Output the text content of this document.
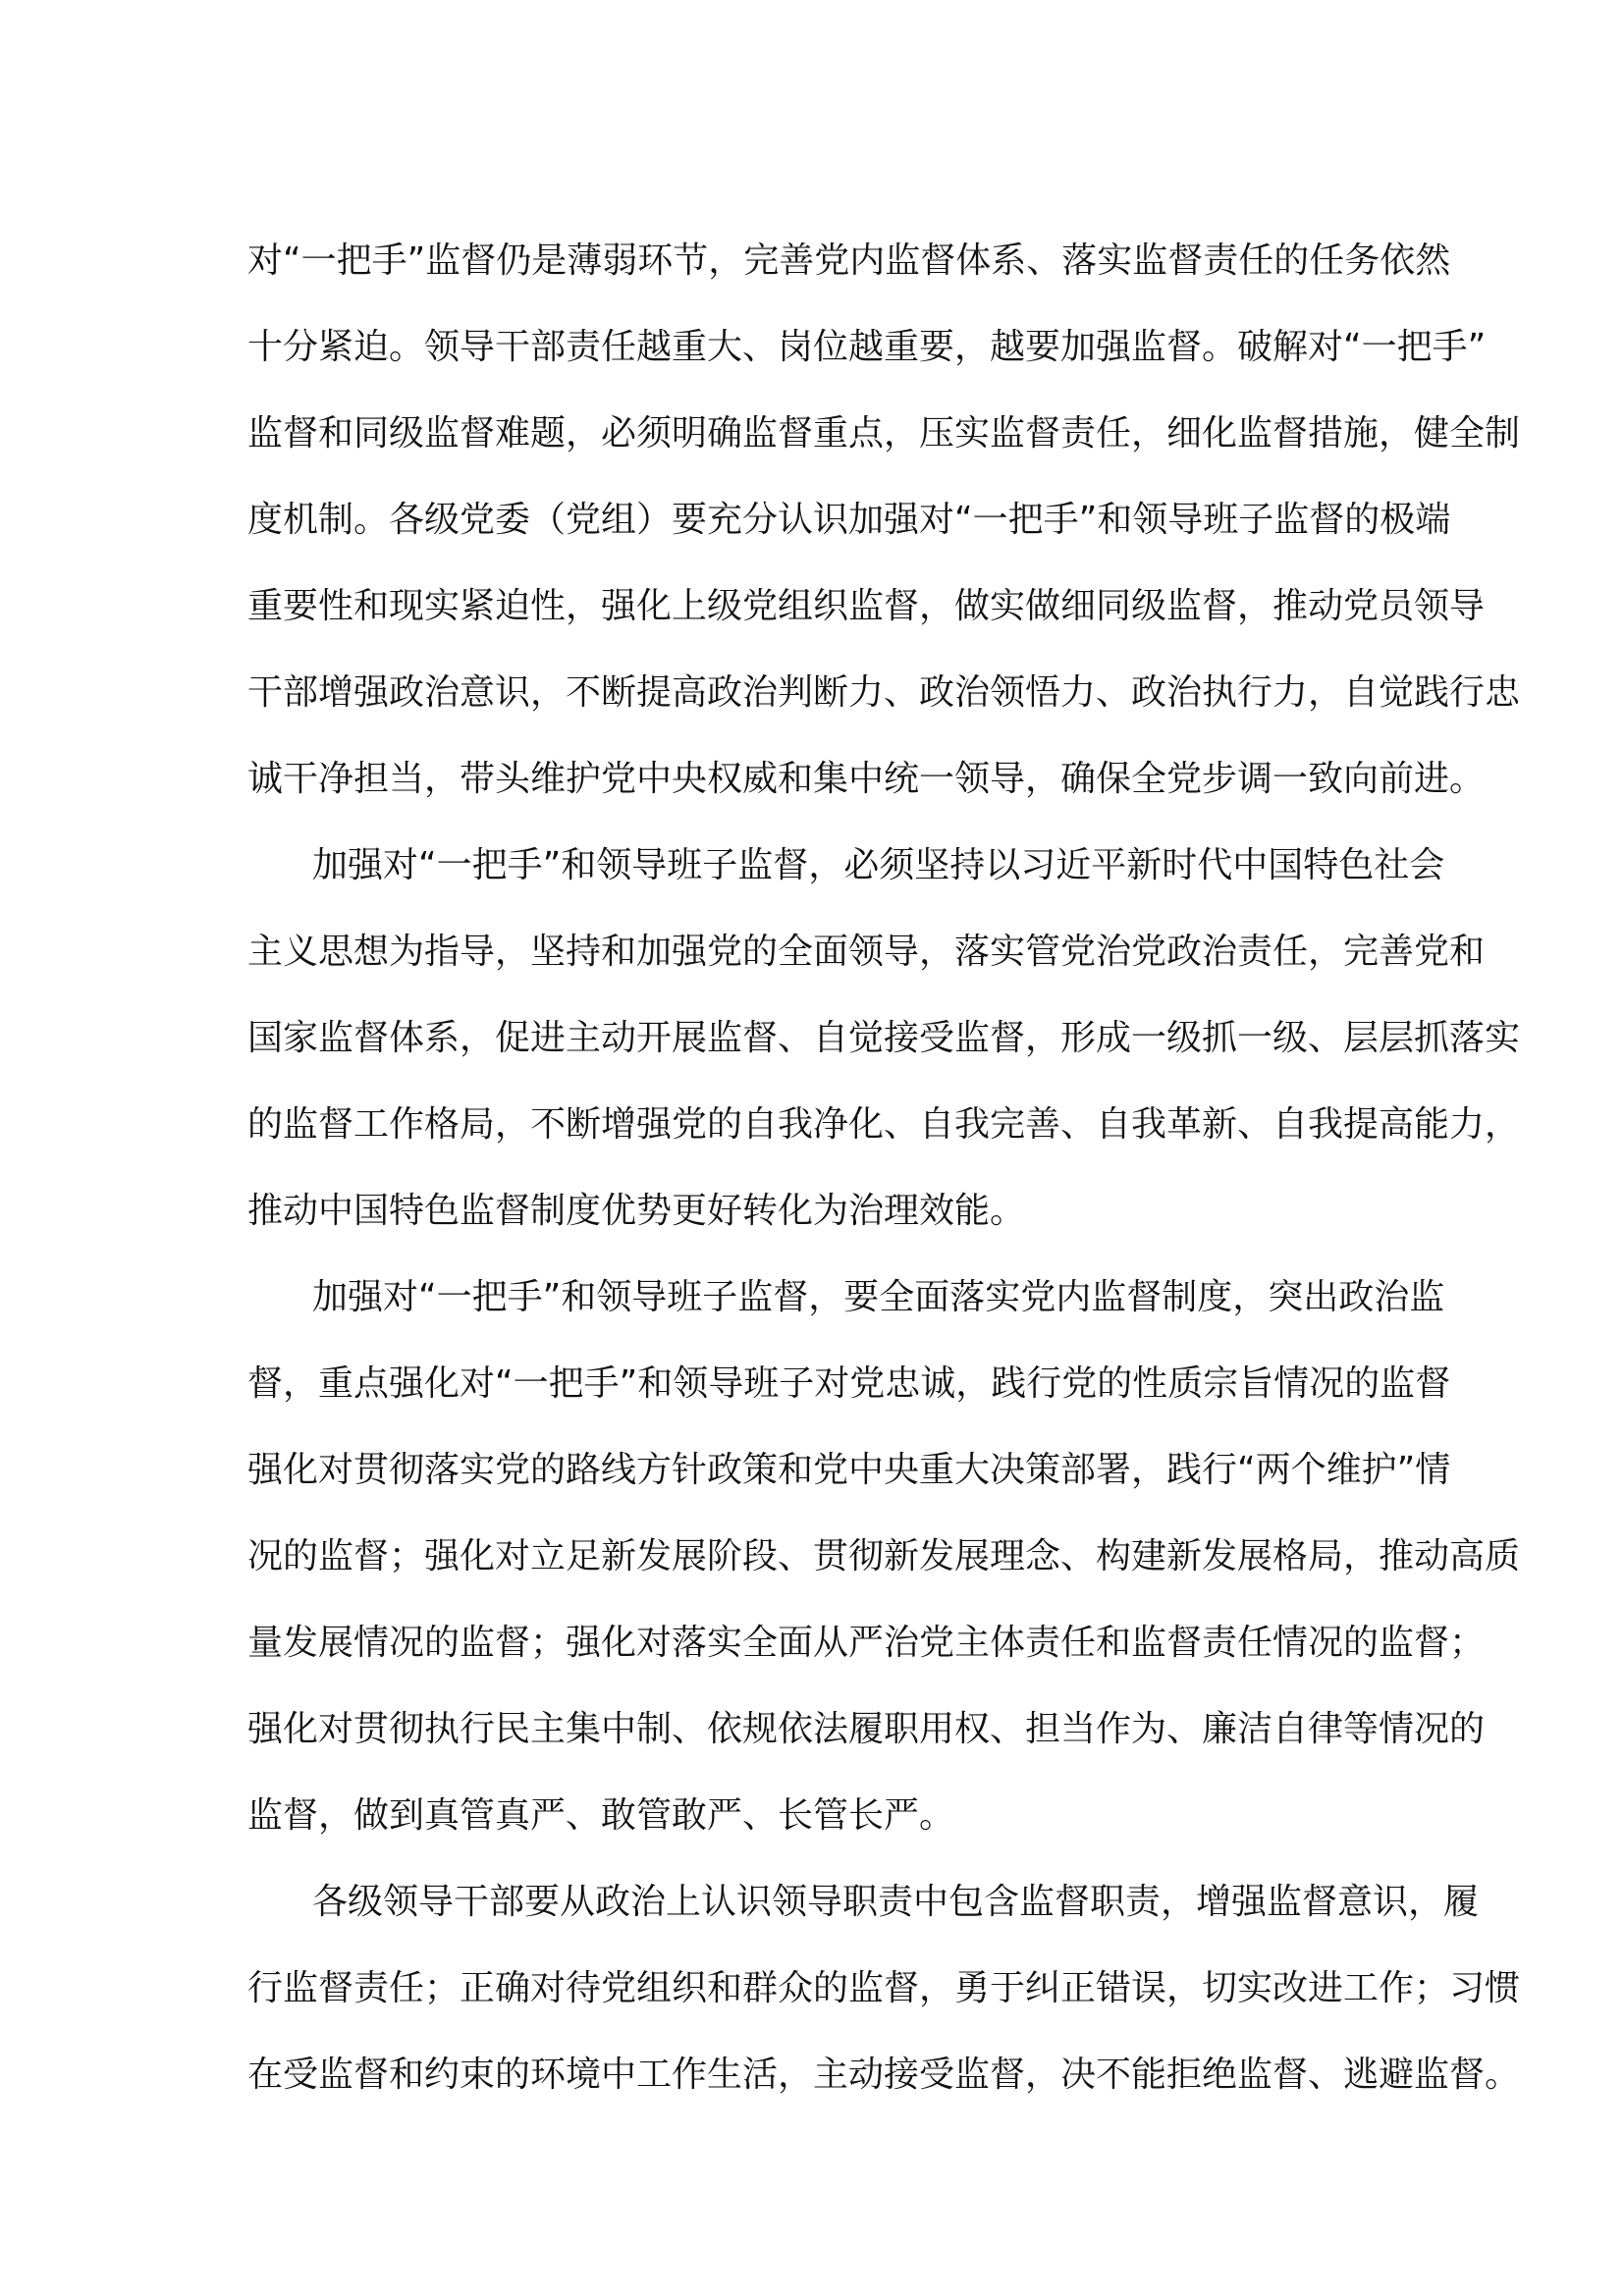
对“一把手”监督仍是薄弱环节，完善党内监督体系、落实监督责任的任务依然
十分紧迫。领导干部责任越重大、岗位越重要，越要加强监督。破解对“一把手”
监督和同级监督难题，必须明确监督重点，压实监督责任，细化监督措施，健全制
度机制。各级党委（党组）要充分认识加强对“一把手”和领导班子监督的极端
重要性和现实紧迫性，强化上级党组织监督，做实做细同级监督，推动党员领导
干部增强政治意识，不断提高政治判断力、政治领悟力、政治执行力，自觉践行忠
诚干净担当，带头维护党中央权威和集中统一领导，确保全党步调一致向前进。
加强对“一把手”和领导班子监督，必须坚持以习近平新时代中国特色社会
主义思想为指导，坚持和加强党的全面领导，落实管党治党政治责任，完善党和
国家监督体系，促进主动开展监督、自觉接受监督，形成一级抓一级、层层抓落实
的监督工作格局，不断增强党的自我净化、自我完善、自我革新、自我提高能力，
推动中国特色监督制度优势更好转化为治理效能。
加强对“一把手”和领导班子监督，要全面落实党内监督制度，突出政治监
督，重点强化对“一把手”和领导班子对党忠诚，践行党的性质宗旨情况的监督
强化对贯彻落实党的路线方针政策和党中央重大决策部署，践行“两个维护”情
况的监督；强化对立足新发展阶段、贯彻新发展理念、构建新发展格局，推动高质
量发展情况的监督；强化对落实全面从严治党主体责任和监督责任情况的监督；
强化对贯彻执行民主集中制、依规依法履职用权、担当作为、廉洁自律等情况的
监督，做到真管真严、敢管敢严、长管长严。
各级领导干部要从政治上认识领导职责中包含监督职责，增强监督意识，履
行监督责任；正确对待党组织和群众的监督，勇于纠正错误，切实改进工作；习惯
在受监督和约束的环境中工作生活，主动接受监督，决不能拒绝监督、逃避监督。
